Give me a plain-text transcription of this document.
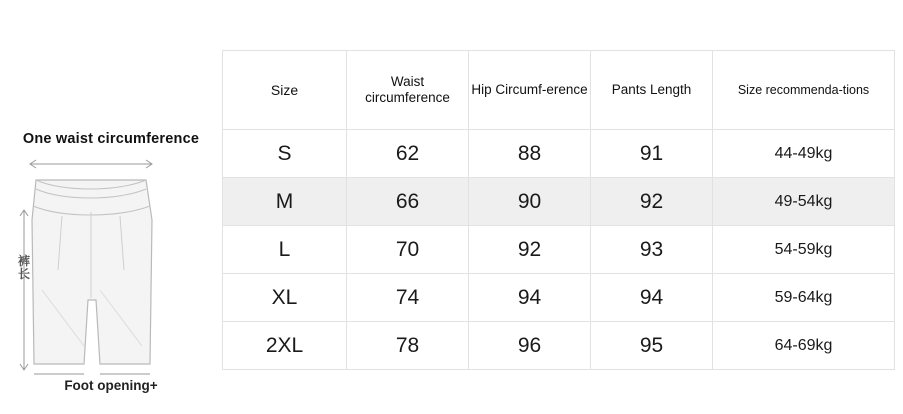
One waist circumference
裤长
Foot opening+
Size	Waist circumference	Hip Circumf-erence	Pants Length	Size recommenda-tions
S	62	88	91	44-49kg
M	66	90	92	49-54kg
L	70	92	93	54-59kg
XL	74	94	94	59-64kg
2XL	78	96	95	64-69kg
